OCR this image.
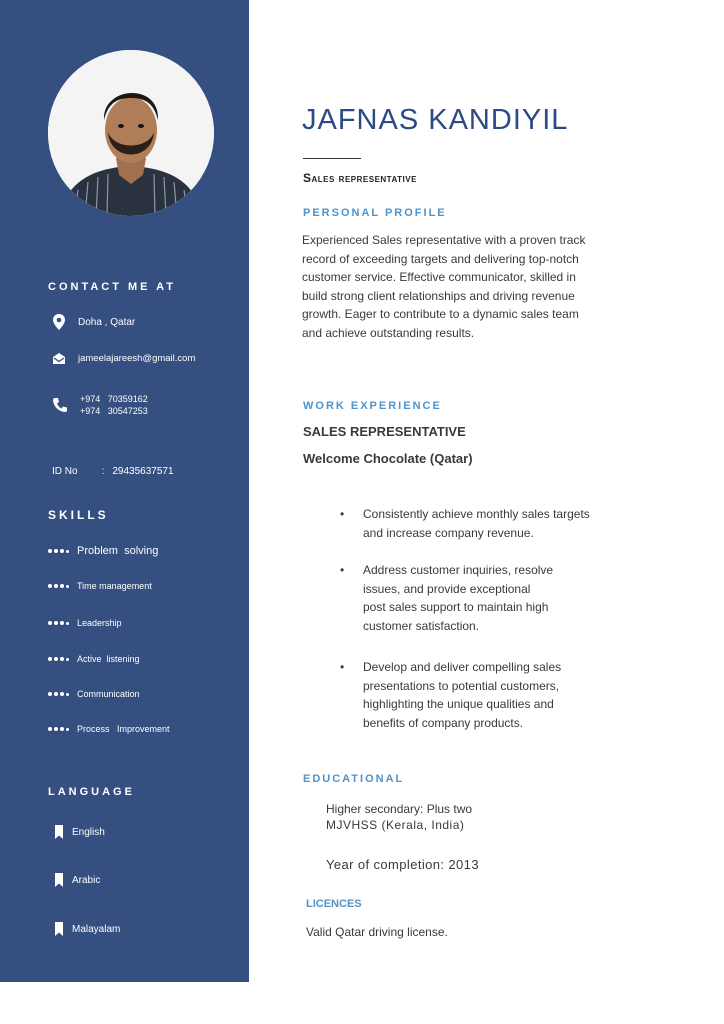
CONTACT ME AT
Doha , Qatar
jameelajareesh@gmail.com
+974   70359162
+974   30547253
ID No : 29435637571
SKILLS
Problem  solving
Time management
Leadership
Active  listening
Communication
Process   Improvement
LANGUAGE
English
Arabic
Malayalam
JAFNAS KANDIYIL
Sales representative
PERSONAL PROFILE
Experienced Sales representative with a proven track record of exceeding targets and delivering top-notch customer service. Effective communicator, skilled in build strong client relationships and driving revenue growth. Eager to contribute to a dynamic sales team and achieve outstanding results.
WORK EXPERIENCE
SALES REPRESENTATIVE
Welcome Chocolate (Qatar)
•	Consistently achieve monthly sales targets and increase company revenue.
•	Address customer inquiries, resolve issues, and provide exceptional post sales support to maintain high customer satisfaction.
•	Develop and deliver compelling sales presentations to potential customers, highlighting the unique qualities and benefits of company products.
EDUCATIONAL
Higher secondary: Plus two
MJVHSS (Kerala, India)
Year of completion: 2013
LICENCES
Valid Qatar driving license.
